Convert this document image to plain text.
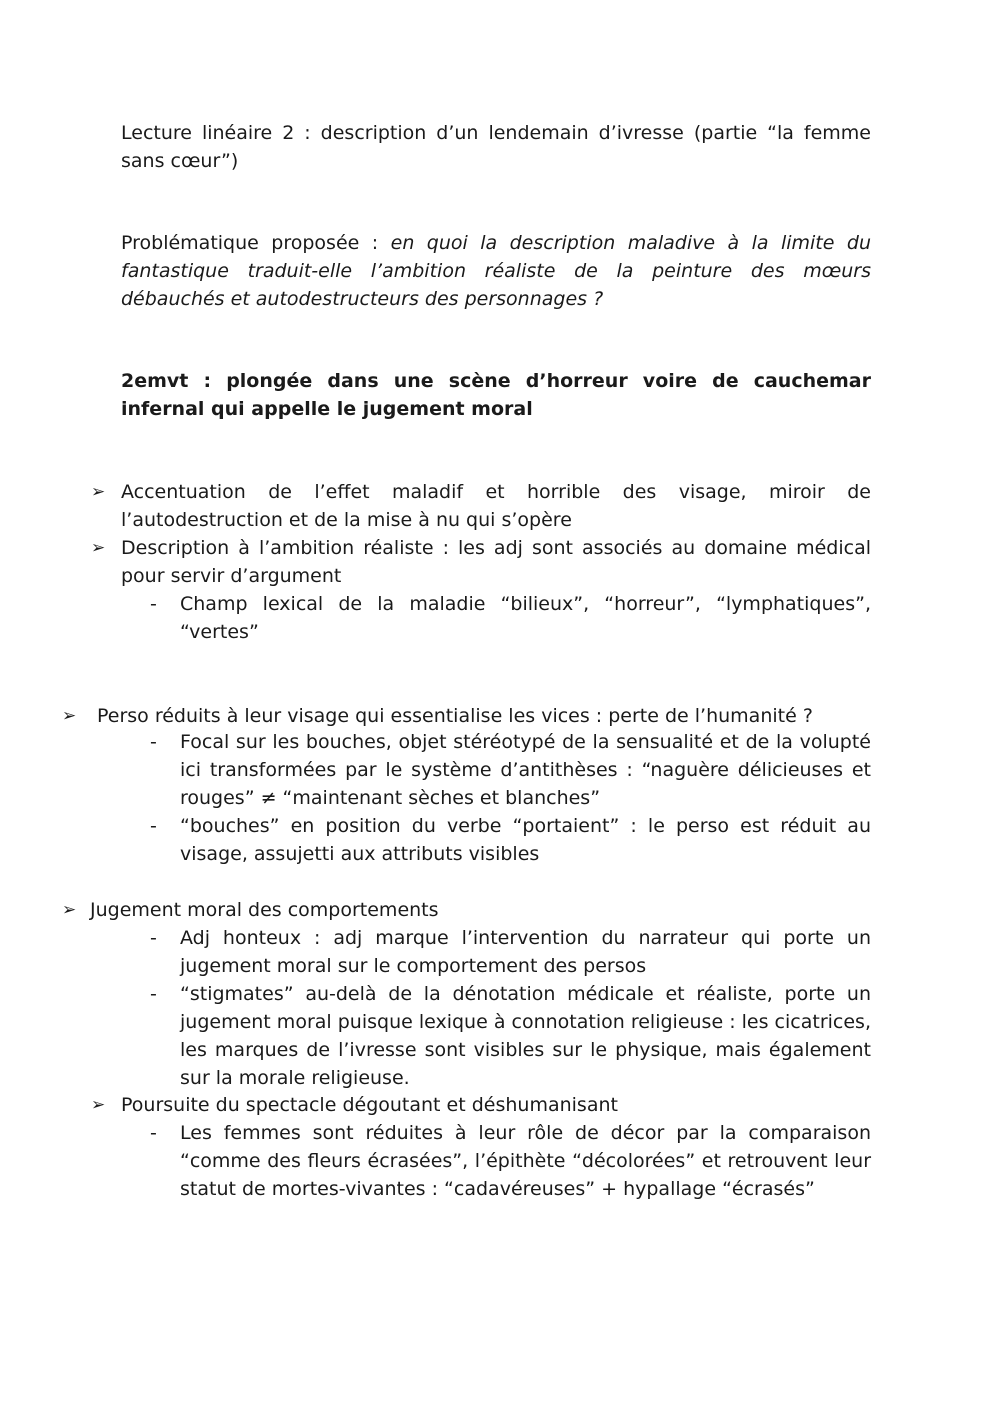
Lecture linéaire 2 : description d’un lendemain d’ivresse (partie “la femme sans cœur”)

Problématique proposée : en quoi la description maladive à la limite du fantastique traduit-elle l’ambition réaliste de la peinture des mœurs débauchés et autodestructeurs des personnages ?

2emvt : plongée dans une scène d’horreur voire de cauchemar infernal qui appelle le jugement moral

➢ Accentuation de l’effet maladif et horrible des visage, miroir de l’autodestruction et de la mise à nu qui s’opère
➢ Description à l’ambition réaliste : les adj sont associés au domaine médical pour servir d’argument
- Champ lexical de la maladie “bilieux”, “horreur”, “lymphatiques”, “vertes”
➢ Perso réduits à leur visage qui essentialise les vices : perte de l’humanité ?
- Focal sur les bouches, objet stéréotypé de la sensualité et de la volupté ici transformées par le système d’antithèses : “naguère délicieuses et rouges” ≠ “maintenant sèches et blanches”
- “bouches” en position du verbe “portaient” : le perso est réduit au visage, assujetti aux attributs visibles
➢ Jugement moral des comportements
- Adj honteux : adj marque l’intervention du narrateur qui porte un jugement moral sur le comportement des persos
- “stigmates” au-delà de la dénotation médicale et réaliste, porte un jugement moral puisque lexique à connotation religieuse : les cicatrices, les marques de l’ivresse sont visibles sur le physique, mais également sur la morale religieuse.
➢ Poursuite du spectacle dégoutant et déshumanisant
- Les femmes sont réduites à leur rôle de décor par la comparaison “comme des fleurs écrasées”, l’épithète “décolorées” et retrouvent leur statut de mortes-vivantes : “cadavéreuses” + hypallage “écrasés”
